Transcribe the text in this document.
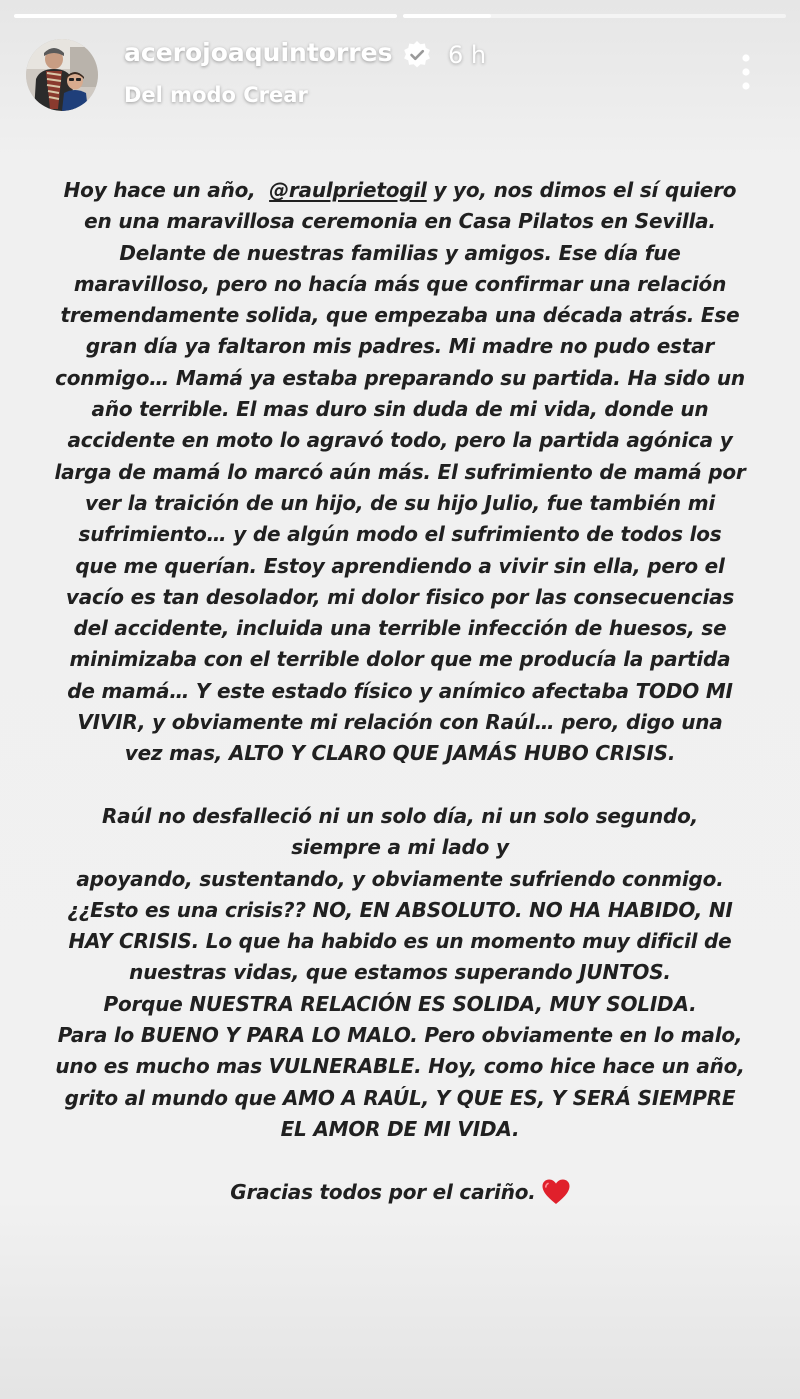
acerojoaquintorres 6 h
Del modo Crear
Hoy hace un año, @raulprietogil y yo, nos dimos el sí quiero
en una maravillosa ceremonia en Casa Pilatos en Sevilla.
Delante de nuestras familias y amigos. Ese día fue
maravilloso, pero no hacía más que confirmar una relación
tremendamente solida, que empezaba una década atrás. Ese
gran día ya faltaron mis padres. Mi madre no pudo estar
conmigo… Mamá ya estaba preparando su partida. Ha sido un
año terrible. El mas duro sin duda de mi vida, donde un
accidente en moto lo agravó todo, pero la partida agónica y
larga de mamá lo marcó aún más. El sufrimiento de mamá por
ver la traición de un hijo, de su hijo Julio, fue también mi
sufrimiento… y de algún modo el sufrimiento de todos los
que me querían. Estoy aprendiendo a vivir sin ella, pero el
vacío es tan desolador, mi dolor fisico por las consecuencias
del accidente, incluida una terrible infección de huesos, se
minimizaba con el terrible dolor que me producía la partida
de mamá… Y este estado físico y anímico afectaba TODO MI
VIVIR, y obviamente mi relación con Raúl… pero, digo una
vez mas, ALTO Y CLARO QUE JAMÁS HUBO CRISIS.
Raúl no desfalleció ni un solo día, ni un solo segundo,
siempre a mi lado y
apoyando, sustentando, y obviamente sufriendo conmigo.
¿¿Esto es una crisis?? NO, EN ABSOLUTO. NO HA HABIDO, NI
HAY CRISIS. Lo que ha habido es un momento muy dificil de
nuestras vidas, que estamos superando JUNTOS.
Porque NUESTRA RELACIÓN ES SOLIDA, MUY SOLIDA.
Para lo BUENO Y PARA LO MALO. Pero obviamente en lo malo,
uno es mucho mas VULNERABLE. Hoy, como hice hace un año,
grito al mundo que AMO A RAÚL, Y QUE ES, Y SERÁ SIEMPRE
EL AMOR DE MI VIDA.
Gracias todos por el cariño.
